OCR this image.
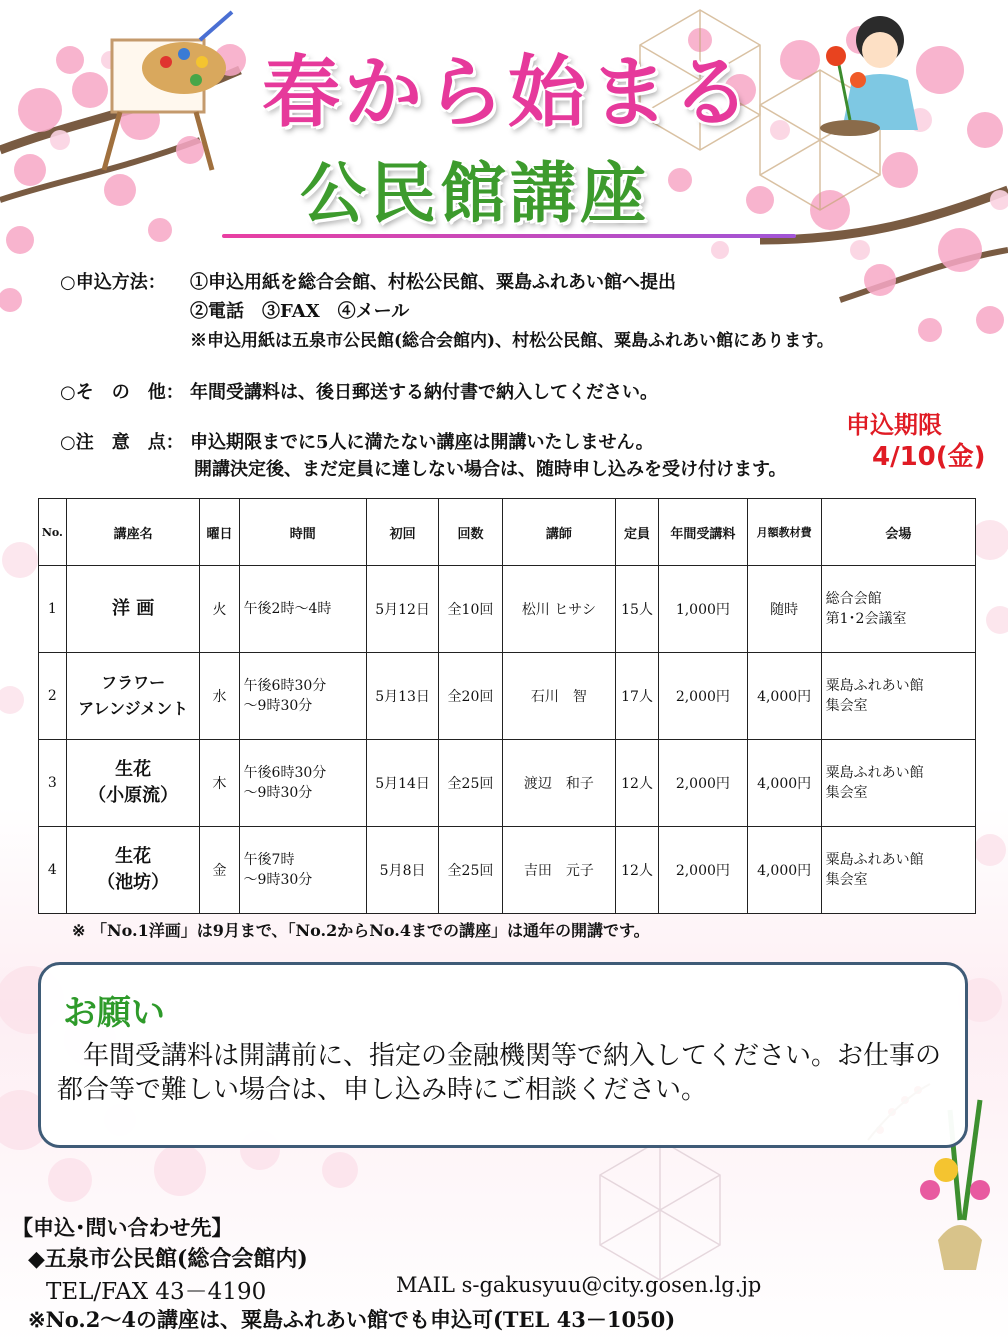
春から始まる
公民館講座
○申込方法： ①申込用紙を総合会館、村松公民館、粟島ふれあい館へ提出
②電話　③FAX　④メール
※申込用紙は五泉市公民館(総合会館内)、村松公民館、粟島ふれあい館にあります。
○そ　の　他： 年間受講料は、後日郵送する納付書で納入してください。
○注　意　点： 申込期限までに5人に満たない講座は開講いたしません。
開講決定後、まだ定員に達しない場合は、随時申し込みを受け付けます。
申込期限
4/10(金)
No.	講座名	曜日	時間	初回	回数	講師	定員	年間受講料	月額教材費	会場
1	洋 画	火	午後2時～4時	5月12日	全10回	松川 ヒサシ	15人	1,000円	随時	総合会館
第1･2会議室
2	フラワー
アレンジメント	水	午後6時30分
～9時30分	5月13日	全20回	石川　智	17人	2,000円	4,000円	粟島ふれあい館
集会室
3	生花
（小原流）	木	午後6時30分
～9時30分	5月14日	全25回	渡辺　和子	12人	2,000円	4,000円	粟島ふれあい館
集会室
4	生花
（池坊）	金	午後7時
～9時30分	5月8日	全25回	吉田　元子	12人	2,000円	4,000円	粟島ふれあい館
集会室
※ 「No.1洋画」は9月まで、「No.2からNo.4までの講座」は通年の開講です。
お願い
年間受講料は開講前に、指定の金融機関等で納入してください。お仕事の都合等で難しい場合は、申し込み時にご相談ください。
【申込･問い合わせ先】
◆五泉市公民館(総合会館内)
TEL/FAX 43－4190	MAIL s-gakusyuu@city.gosen.lg.jp
※No.2～4の講座は、粟島ふれあい館でも申込可(TEL 43－1050)
